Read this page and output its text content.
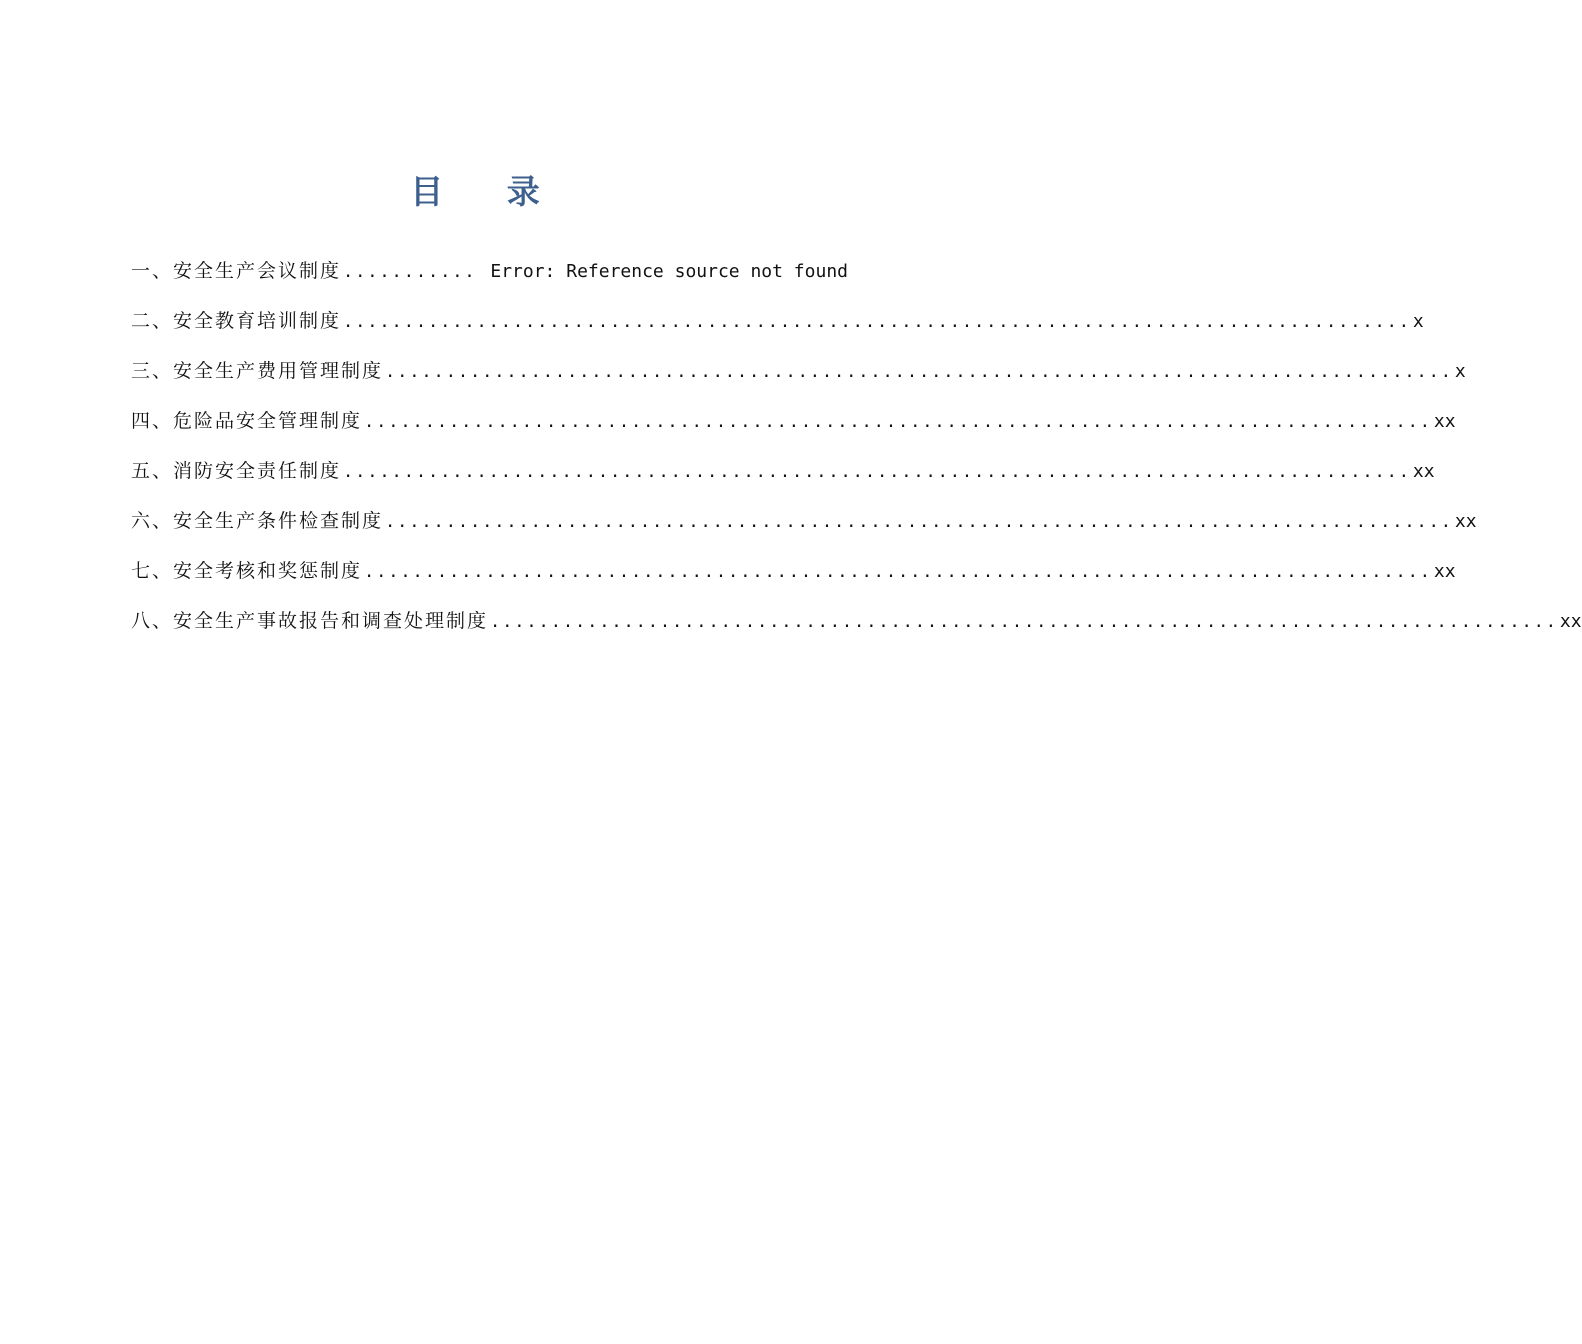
目 录
一、安全生产会议制度 ........... Error: Reference source not found
二、安全教育培训制度 ........................................................................................ x
三、安全生产费用管理制度 ........................................................................................ x
四、危险品安全管理制度 ........................................................................................ xx
五、消防安全责任制度 ........................................................................................ xx
六、安全生产条件检查制度 ........................................................................................ xx
七、安全考核和奖惩制度 ........................................................................................ xx
八、安全生产事故报告和调查处理制度 ........................................................................................ xx
